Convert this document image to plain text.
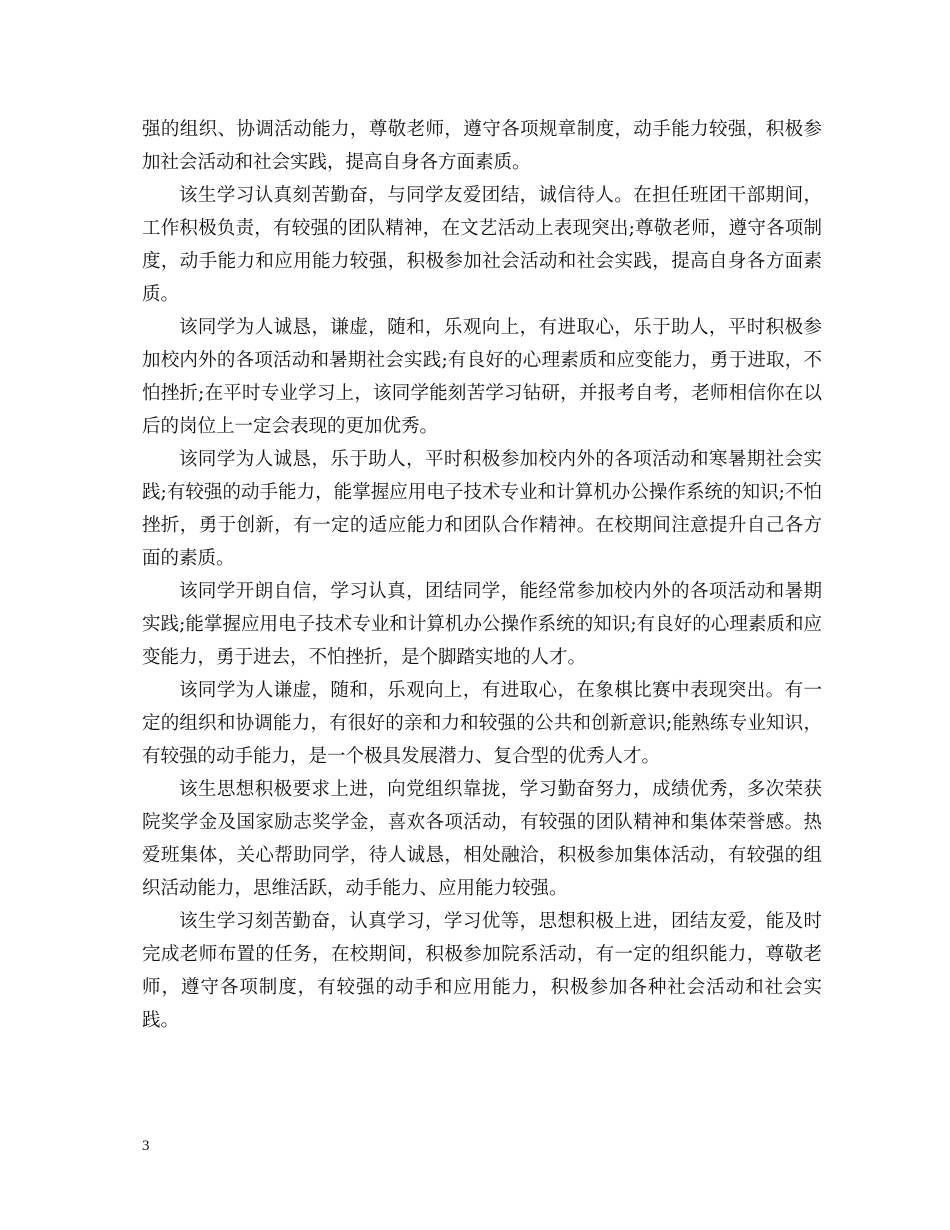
强的组织、协调活动能力，尊敬老师，遵守各项规章制度，动手能力较强，积极参加社会活动和社会实践，提高自身各方面素质。

该生学习认真刻苦勤奋，与同学友爱团结，诚信待人。在担任班团干部期间，工作积极负责，有较强的团队精神，在文艺活动上表现突出;尊敬老师，遵守各项制度，动手能力和应用能力较强，积极参加社会活动和社会实践，提高自身各方面素质。

该同学为人诚恳，谦虚，随和，乐观向上，有进取心，乐于助人，平时积极参加校内外的各项活动和暑期社会实践;有良好的心理素质和应变能力，勇于进取，不怕挫折;在平时专业学习上，该同学能刻苦学习钻研，并报考自考，老师相信你在以后的岗位上一定会表现的更加优秀。

该同学为人诚恳，乐于助人，平时积极参加校内外的各项活动和寒暑期社会实践;有较强的动手能力，能掌握应用电子技术专业和计算机办公操作系统的知识;不怕挫折，勇于创新，有一定的适应能力和团队合作精神。在校期间注意提升自己各方面的素质。

该同学开朗自信，学习认真，团结同学，能经常参加校内外的各项活动和暑期实践;能掌握应用电子技术专业和计算机办公操作系统的知识;有良好的心理素质和应变能力，勇于进去，不怕挫折，是个脚踏实地的人才。

该同学为人谦虚，随和，乐观向上，有进取心，在象棋比赛中表现突出。有一定的组织和协调能力，有很好的亲和力和较强的公共和创新意识;能熟练专业知识，有较强的动手能力，是一个极具发展潜力、复合型的优秀人才。

该生思想积极要求上进，向党组织靠拢，学习勤奋努力，成绩优秀，多次荣获院奖学金及国家励志奖学金，喜欢各项活动，有较强的团队精神和集体荣誉感。热爱班集体，关心帮助同学，待人诚恳，相处融洽，积极参加集体活动，有较强的组织活动能力，思维活跃，动手能力、应用能力较强。

该生学习刻苦勤奋，认真学习，学习优等，思想积极上进，团结友爱，能及时完成老师布置的任务，在校期间，积极参加院系活动，有一定的组织能力，尊敬老师，遵守各项制度，有较强的动手和应用能力，积极参加各种社会活动和社会实践。

3
